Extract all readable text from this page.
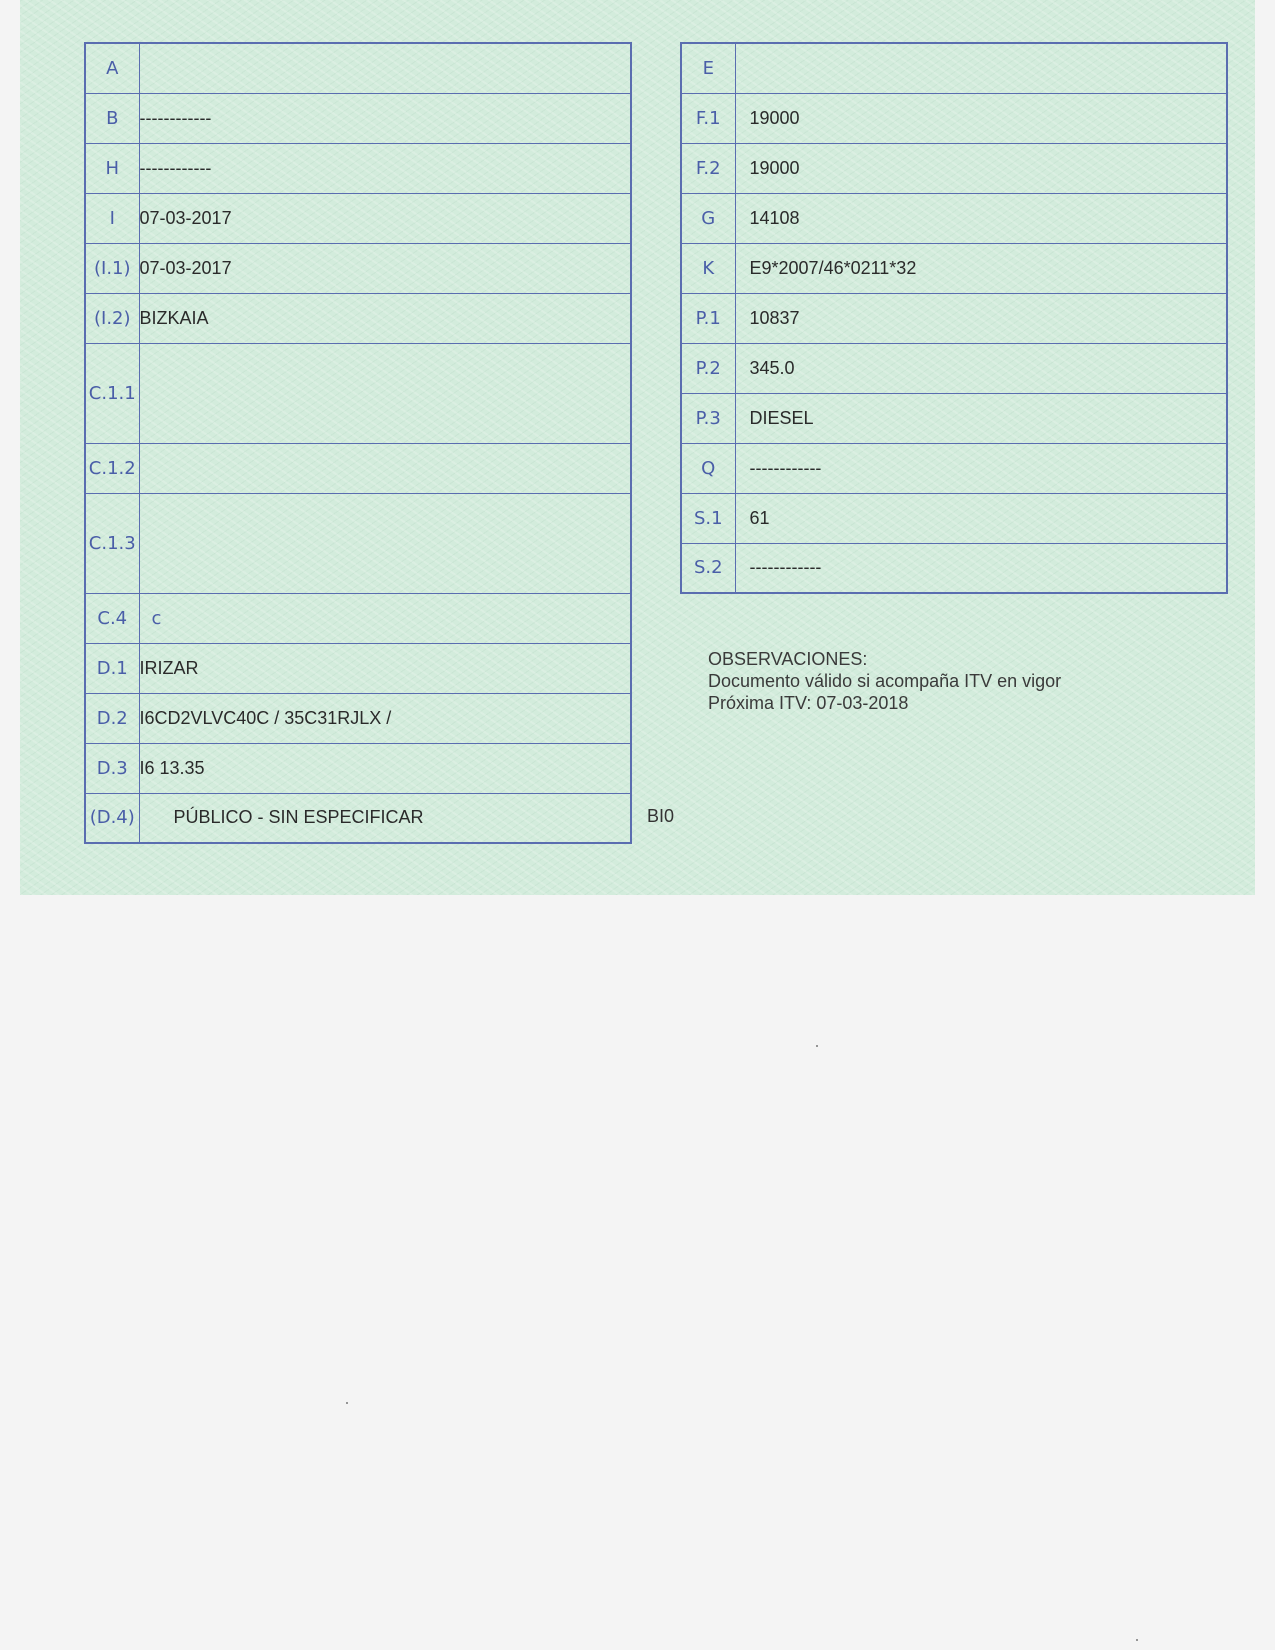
A	
B	------------
H	------------
I	07-03-2017
(I.1)	07-03-2017
(I.2)	BIZKAIA
C.1.1	
C.1.2	
C.1.3	
C.4	c
D.1	IRIZAR
D.2	I6CD2VLVC40C / 35C31RJLX /
D.3	I6 13.35
(D.4)	PÚBLICO - SIN ESPECIFICAR
E	
F.1	19000
F.2	19000
G	14108
K	E9*2007/46*0211*32
P.1	10837
P.2	345.0
P.3	DIESEL
Q	------------
S.1	61
S.2	------------
OBSERVACIONES:
Documento válido si acompaña ITV en vigor
Próxima ITV: 07-03-2018
BI0
